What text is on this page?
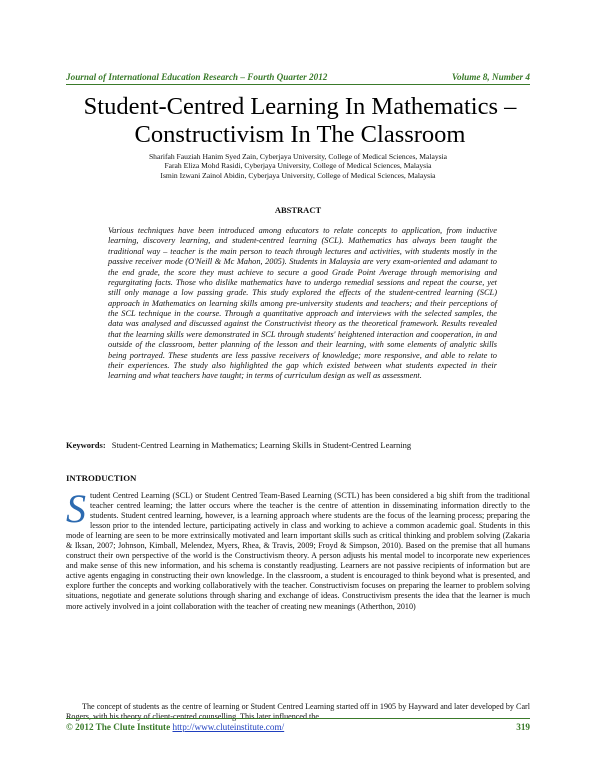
Journal of International Education Research – Fourth Quarter 2012	Volume 8, Number 4
Student-Centred Learning In Mathematics –
Constructivism In The Classroom
Sharifah Fauziah Hanim Syed Zain, Cyberjaya University, College of Medical Sciences, Malaysia
Farah Eliza Mohd Rasidi, Cyberjaya University, College of Medical Sciences, Malaysia
Ismin Izwani Zainol Abidin, Cyberjaya University, College of Medical Sciences, Malaysia
ABSTRACT
Various techniques have been introduced among educators to relate concepts to application, from inductive learning, discovery learning, and student-centred learning (SCL). Mathematics has always been taught the traditional way – teacher is the main person to teach through lectures and activities, with students mostly in the passive receiver mode (O'Neill & Mc Mahon, 2005). Students in Malaysia are very exam-oriented and adamant to the end grade, the score they must achieve to secure a good Grade Point Average through memorising and regurgitating facts. Those who dislike mathematics have to undergo remedial sessions and repeat the course, yet still only manage a low passing grade. This study explored the effects of the student-centred learning (SCL) approach in Mathematics on learning skills among pre-university students and teachers; and their perceptions of the SCL technique in the course. Through a quantitative approach and interviews with the selected samples, the data was analysed and discussed against the Constructivist theory as the theoretical framework. Results revealed that the learning skills were demonstrated in SCL through students' heightened interaction and cooperation, in and outside of the classroom, better planning of the lesson and their learning, with some elements of analytic skills being portrayed. These students are less passive receivers of knowledge; more responsive, and able to relate to their experiences. The study also highlighted the gap which existed between what students expected in their learning and what teachers have taught; in terms of curriculum design as well as assessment.
Keywords: Student-Centred Learning in Mathematics; Learning Skills in Student-Centred Learning
INTRODUCTION
S tudent Centred Learning (SCL) or Student Centred Team-Based Learning (SCTL) has been considered a big shift from the traditional teacher centred learning; the latter occurs where the teacher is the centre of attention in disseminating information directly to the students. Student centred learning, however, is a learning approach where students are the focus of the learning process; preparing the lesson prior to the intended lecture, participating actively in class and working to achieve a common academic goal. Students in this mode of learning are seen to be more extrinsically motivated and learn important skills such as critical thinking and problem solving (Zakaria & Iksan, 2007; Johnson, Kimball, Melendez, Myers, Rhea, & Travis, 2009; Froyd & Simpson, 2010). Based on the premise that all humans construct their own perspective of the world is the Constructivism theory. A person adjusts his mental model to incorporate new experiences and make sense of this new information, and his schema is constantly readjusting. Learners are not passive recipients of information but are active agents engaging in constructing their own knowledge. In the classroom, a student is encouraged to think beyond what is presented, and explore further the concepts and working collaboratively with the teacher. Constructivism focuses on preparing the learner to problem solving situations, negotiate and generate solutions through sharing and exchange of ideas. Constructivism presents the idea that the learner is much more actively involved in a joint collaboration with the teacher of creating new meanings (Atherthon, 2010)
The concept of students as the centre of learning or Student Centred Learning started off in 1905 by Hayward and later developed by Carl Rogers, with his theory of client-centred counselling. This later influenced the
© 2012 The Clute Institute http://www.cluteinstitute.com/	319
